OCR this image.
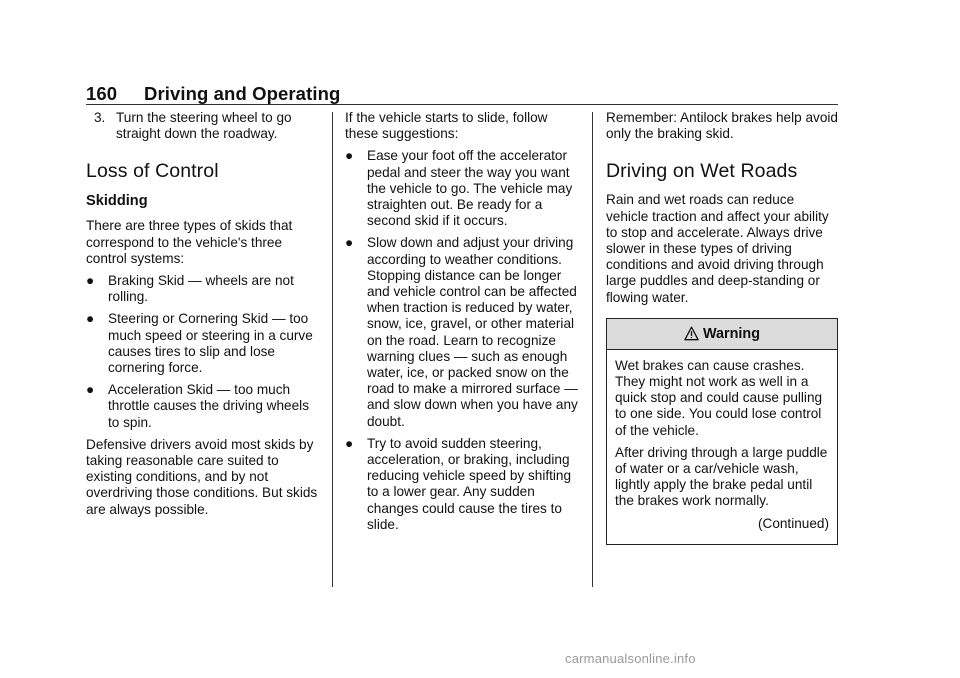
160 Driving and Operating
3. Turn the steering wheel to go straight down the roadway.
Loss of Control
Skidding

There are three types of skids that correspond to the vehicle's three control systems:

● Braking Skid — wheels are not rolling.
● Steering or Cornering Skid — too much speed or steering in a curve causes tires to slip and lose cornering force.
● Acceleration Skid — too much throttle causes the driving wheels to spin.

Defensive drivers avoid most skids by taking reasonable care suited to existing conditions, and by not overdriving those conditions. But skids are always possible.

If the vehicle starts to slide, follow these suggestions:

● Ease your foot off the accelerator pedal and steer the way you want the vehicle to go. The vehicle may straighten out. Be ready for a second skid if it occurs.
● Slow down and adjust your driving according to weather conditions. Stopping distance can be longer and vehicle control can be affected when traction is reduced by water, snow, ice, gravel, or other material on the road. Learn to recognize warning clues — such as enough water, ice, or packed snow on the road to make a mirrored surface — and slow down when you have any doubt.
● Try to avoid sudden steering, acceleration, or braking, including reducing vehicle speed by shifting to a lower gear. Any sudden changes could cause the tires to slide.

Remember: Antilock brakes help avoid only the braking skid.

Driving on Wet Roads

Rain and wet roads can reduce vehicle traction and affect your ability to stop and accelerate. Always drive slower in these types of driving conditions and avoid driving through large puddles and deep-standing or flowing water.

Warning

Wet brakes can cause crashes. They might not work as well in a quick stop and could cause pulling to one side. You could lose control of the vehicle.

After driving through a large puddle of water or a car/vehicle wash, lightly apply the brake pedal until the brakes work normally.

(Continued)

carmanualsonline.info
